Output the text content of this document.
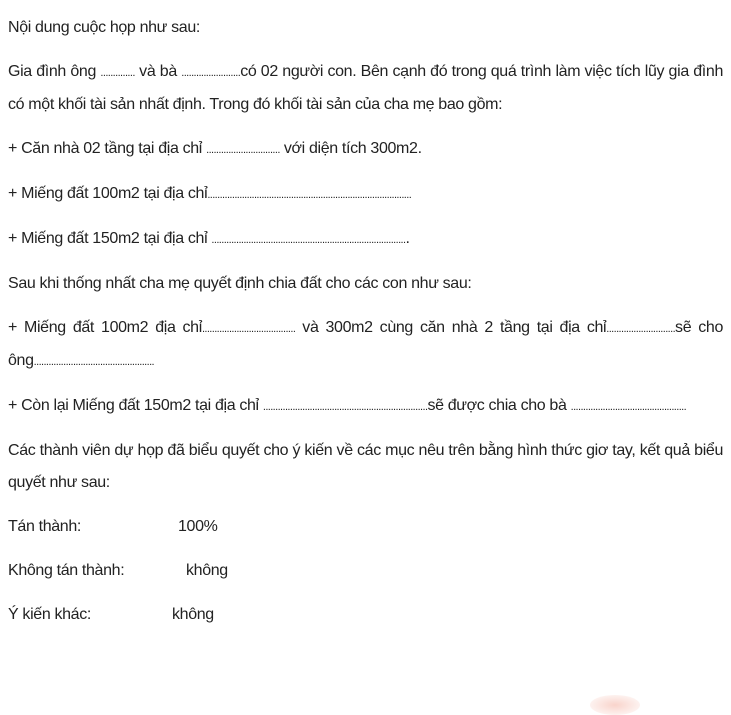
Nội dung cuộc họp như sau:

Gia đình ông .............. và bà ........................có 02 người con. Bên cạnh đó trong quá trình làm việc tích lũy gia đình có một khối tài sản nhất định. Trong đó khối tài sản của cha mẹ bao gồm:

+ Căn nhà 02 tầng tại địa chỉ .............................. với diện tích 300m2.

+ Miếng đất 100m2 tại địa chỉ...................................................................................

+ Miếng đất 150m2 tại địa chỉ ................................................................................

Sau khi thống nhất cha mẹ quyết định chia đất cho các con như sau:

+ Miếng đất 100m2 địa chỉ...................................... và 300m2 cùng căn nhà 2 tầng tại địa chỉ............................sẽ cho ông.................................................

+ Còn lại Miếng đất 150m2 tại địa chỉ ...................................................................sẽ được chia cho bà ...............................................

Các thành viên dự họp đã biểu quyết cho ý kiến về các mục nêu trên bằng hình thức giơ tay, kết quả biểu quyết như sau:

Tán thành:	100%
Không tán thành:	không
Ý kiến khác:	không
